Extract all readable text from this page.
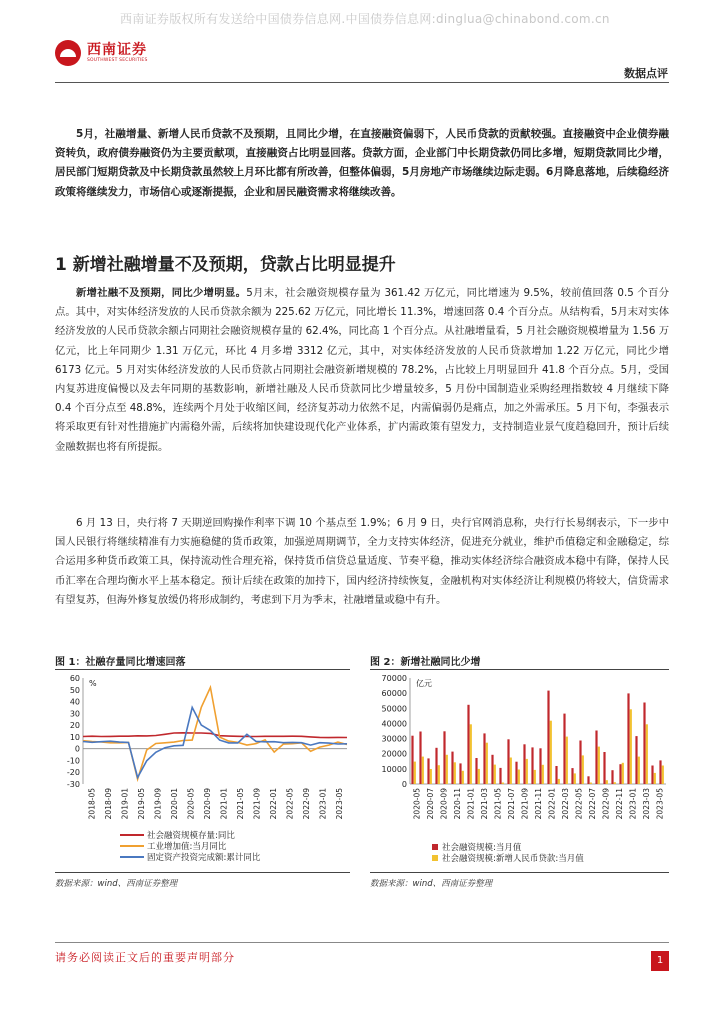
西南证券版权所有发送给中国债券信息网.中国债券信息网:dinglua@chinabond.com.cn
西南证券
SOUTHWEST SECURITIES
数据点评

5月，社融增量、新增人民币贷款不及预期，且同比少增，在直接融资偏弱下，人民币贷款的贡献较强。直接融资中企业债券融资转负，政府债券融资仍为主要贡献项，直接融资占比明显回落。贷款方面，企业部门中长期贷款仍同比多增，短期贷款同比少增，居民部门短期贷款及中长期贷款虽然较上月环比都有所改善，但整体偏弱，5月房地产市场继续边际走弱。6月降息落地，后续稳经济政策将继续发力，市场信心或逐渐提振，企业和居民融资需求将继续改善。

1 新增社融增量不及预期，贷款占比明显提升

新增社融不及预期，同比少增明显。5月末，社会融资规模存量为 361.42 万亿元，同比增速为 9.5%，较前值回落 0.5 个百分点。其中，对实体经济发放的人民币贷款余额为 225.62 万亿元，同比增长 11.3%，增速回落 0.4 个百分点。从结构看，5月末对实体经济发放的人民币贷款余额占同期社会融资规模存量的 62.4%，同比高 1 个百分点。从社融增量看，5 月社会融资规模增量为 1.56 万亿元，比上年同期少 1.31 万亿元，环比 4 月多增 3312 亿元，其中，对实体经济发放的人民币贷款增加 1.22 万亿元，同比少增 6173 亿元。5 月对实体经济发放的人民币贷款占同期社会融资新增规模的 78.2%，占比较上月明显回升 41.8 个百分点。5月，受国内复苏进度偏慢以及去年同期的基数影响，新增社融及人民币贷款同比少增量较多，5 月份中国制造业采购经理指数较 4 月继续下降 0.4 个百分点至 48.8%，连续两个月处于收缩区间，经济复苏动力依然不足，内需偏弱仍是痛点，加之外需承压。5 月下旬，李强表示将采取更有针对性措施扩内需稳外需，后续将加快建设现代化产业体系，扩内需政策有望发力，支持制造业景气度趋稳回升，预计后续金融数据也将有所提振。

6 月 13 日，央行将 7 天期逆回购操作利率下调 10 个基点至 1.9%；6 月 9 日，央行官网消息称，央行行长易纲表示，下一步中国人民银行将继续精准有力实施稳健的货币政策，加强逆周期调节，全力支持实体经济，促进充分就业，维护币值稳定和金融稳定，综合运用多种货币政策工具，保持流动性合理充裕，保持货币信贷总量适度、节奏平稳，推动实体经济综合融资成本稳中有降，保持人民币汇率在合理均衡水平上基本稳定。预计后续在政策的加持下，国内经济持续恢复，金融机构对实体经济让利规模仍将较大，信贷需求有望复苏，但海外修复放缓仍将形成制约，考虑到下月为季末，社融增量或稳中有升。

图 1：社融存量同比增速回落	图 2：新增社融同比少增
-30
-20
-10
0
10
20
30
40
50
60
2018-05 2018-09 2019-01 2019-05 2019-09 2020-01 2020-05 2020-09 2021-01 2021-05 2021-09 2022-01 2022-05 2022-09 2023-01 2023-05
%
0
10000
20000
30000
40000
50000
60000
70000
2020-05 2020-07 2020-09 2020-11 2021-01 2021-03 2021-05 2021-07 2021-09 2021-11 2022-01 2022-03 2022-05 2022-07 2022-09 2022-11 2023-01 2023-03 2023-05
亿元
社会融资规模存量:同比
工业增加值:当月同比
固定资产投资完成额:累计同比
社会融资规模:当月值
社会融资规模:新增人民币贷款:当月值
数据来源：wind、西南证券整理	数据来源：wind、西南证券整理
请务必阅读正文后的重要声明部分	1
